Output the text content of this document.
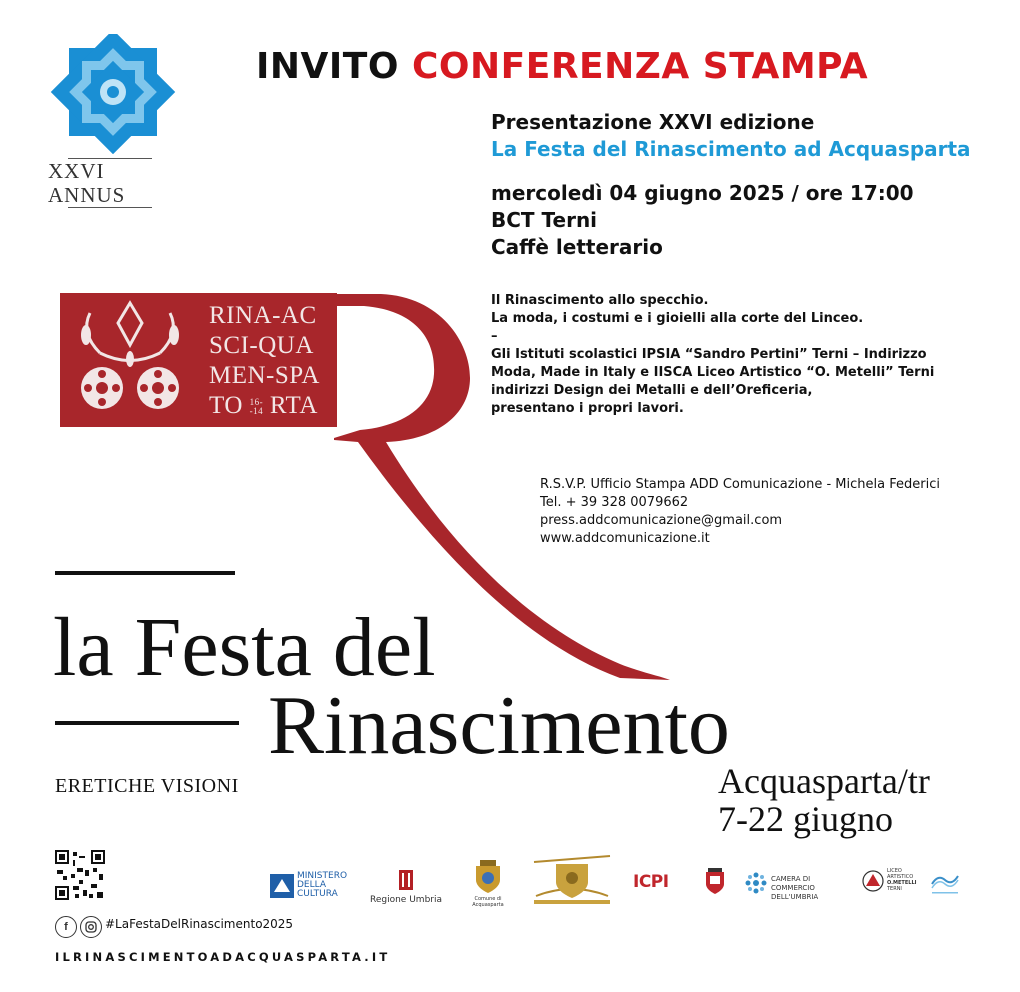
XXVI
ANNUS
INVITO CONFERENZA STAMPA
Presentazione XXVI edizione
La Festa del Rinascimento ad Acquasparta
mercoledì 04 giugno 2025 / ore 17:00
BCT Terni
Caffè letterario
Il Rinascimento allo specchio.
La moda, i costumi e i gioielli alla corte del Linceo.
–
Gli Istituti scolastici IPSIA “Sandro Pertini” Terni – Indirizzo
Moda, Made in Italy e IISCA Liceo Artistico “O. Metelli” Terni
indirizzi Design dei Metalli e dell’Oreficeria,
presentano i propri lavori.
RINA-AC
SCI-QUA
MEN-SPA
TO 16-
-14 RTA
R.S.V.P. Ufficio Stampa ADD Comunicazione - Michela Federici
Tel. + 39 328 0079662
press.addcomunicazione@gmail.com
www.addcomunicazione.it
la Festa del
Rinascimento
ERETICHE VISIONI	Acquasparta/tr
7-22 giugno
f	#LaFestaDelRinascimento2025
ILRINASCIMENTOADACQUASPARTA.IT
MINISTERO
DELLA
CULTURA
Regione Umbria	Comune di
Acquasparta
ICPI	CAMERA DI COMMERCIO
DELL'UMBRIA
LICEO
ARTISTICO
O.METELLI
TERNI
